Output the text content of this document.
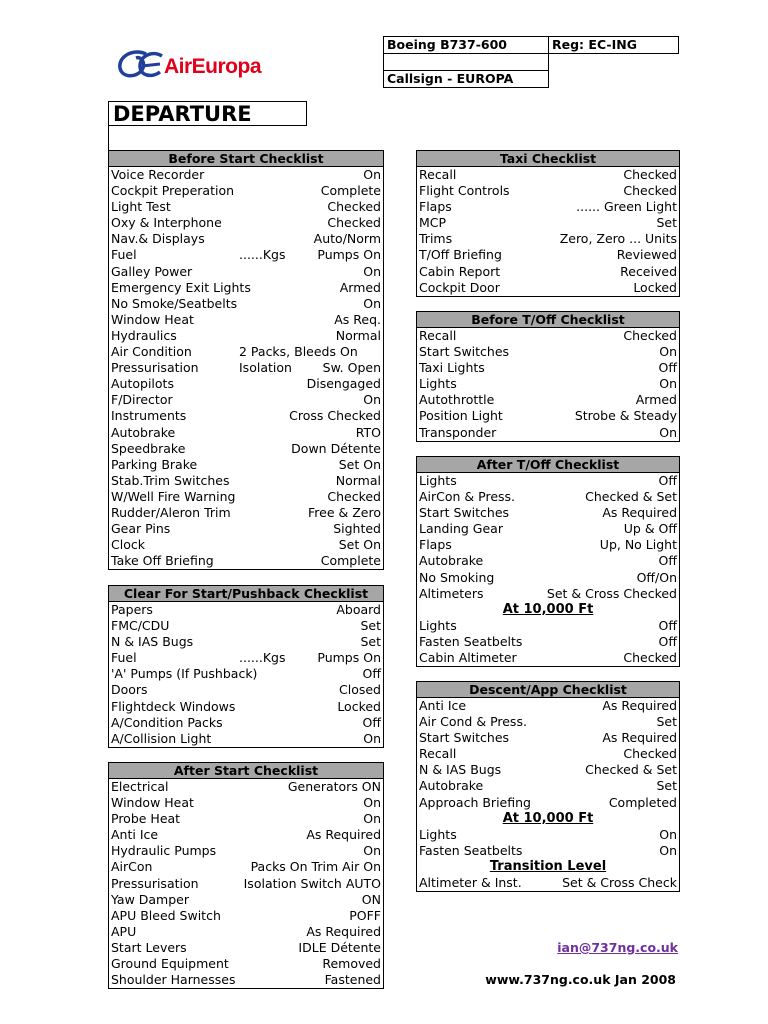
AirEuropa
Boeing B737-600	Reg: EC-ING

Callsign - EUROPA
DEPARTURE
Before Start Checklist
Voice Recorder	On
Cockpit Preperation	Complete
Light Test	Checked
Oxy & Interphone	Checked
Nav.& Displays	Auto/Norm
Fuel	......Kgs	Pumps On
Galley Power	On
Emergency Exit Lights	Armed
No Smoke/Seatbelts	On
Window Heat	As Req.
Hydraulics	Normal
Air Condition	2 Packs, Bleeds On
Pressurisation	Isolation Sw. Open
Autopilots	Disengaged
F/Director	On
Instruments	Cross Checked
Autobrake	RTO
Speedbrake	Down Détente
Parking Brake	Set On
Stab.Trim Switches	Normal
W/Well Fire Warning	Checked
Rudder/Aleron Trim	Free & Zero
Gear Pins	Sighted
Clock	Set On
Take Off Briefing	Complete
Clear For Start/Pushback Checklist
Papers	Aboard
FMC/CDU	Set
N & IAS Bugs	Set
Fuel	......Kgs	Pumps On
'A' Pumps (If Pushback)	Off
Doors	Closed
Flightdeck Windows	Locked
A/Condition Packs	Off
A/Collision Light	On
After Start Checklist
Electrical	Generators ON
Window Heat	On
Probe Heat	On
Anti Ice	As Required
Hydraulic Pumps	On
AirCon	Packs On Trim Air On
Pressurisation	Isolation Switch AUTO
Yaw Damper	ON
APU Bleed Switch	POFF
APU	As Required
Start Levers	IDLE Détente
Ground Equipment	Removed
Shoulder Harnesses	Fastened
Taxi Checklist
Recall	Checked
Flight Controls	Checked
Flaps	...... Green Light
MCP	Set
Trims	Zero, Zero ... Units
T/Off Briefing	Reviewed
Cabin Report	Received
Cockpit Door	Locked
Before T/Off Checklist
Recall	Checked
Start Switches	On
Taxi Lights	Off
Lights	On
Autothrottle	Armed
Position Light	Strobe & Steady
Transponder	On
After T/Off Checklist
Lights	Off
AirCon & Press.	Checked & Set
Start Switches	As Required
Landing Gear	Up & Off
Flaps	Up, No Light
Autobrake	Off
No Smoking	Off/On
Altimeters	Set & Cross Checked
At 10,000 Ft
Lights	Off
Fasten Seatbelts	Off
Cabin Altimeter	Checked
Descent/App Checklist
Anti Ice	As Required
Air Cond & Press.	Set
Start Switches	As Required
Recall	Checked
N & IAS Bugs	Checked & Set
Autobrake	Set
Approach Briefing	Completed
At 10,000 Ft
Lights	On
Fasten Seatbelts	On
Transition Level
Altimeter & Inst.	Set & Cross Check
ian@737ng.co.uk
www.737ng.co.uk Jan 2008
